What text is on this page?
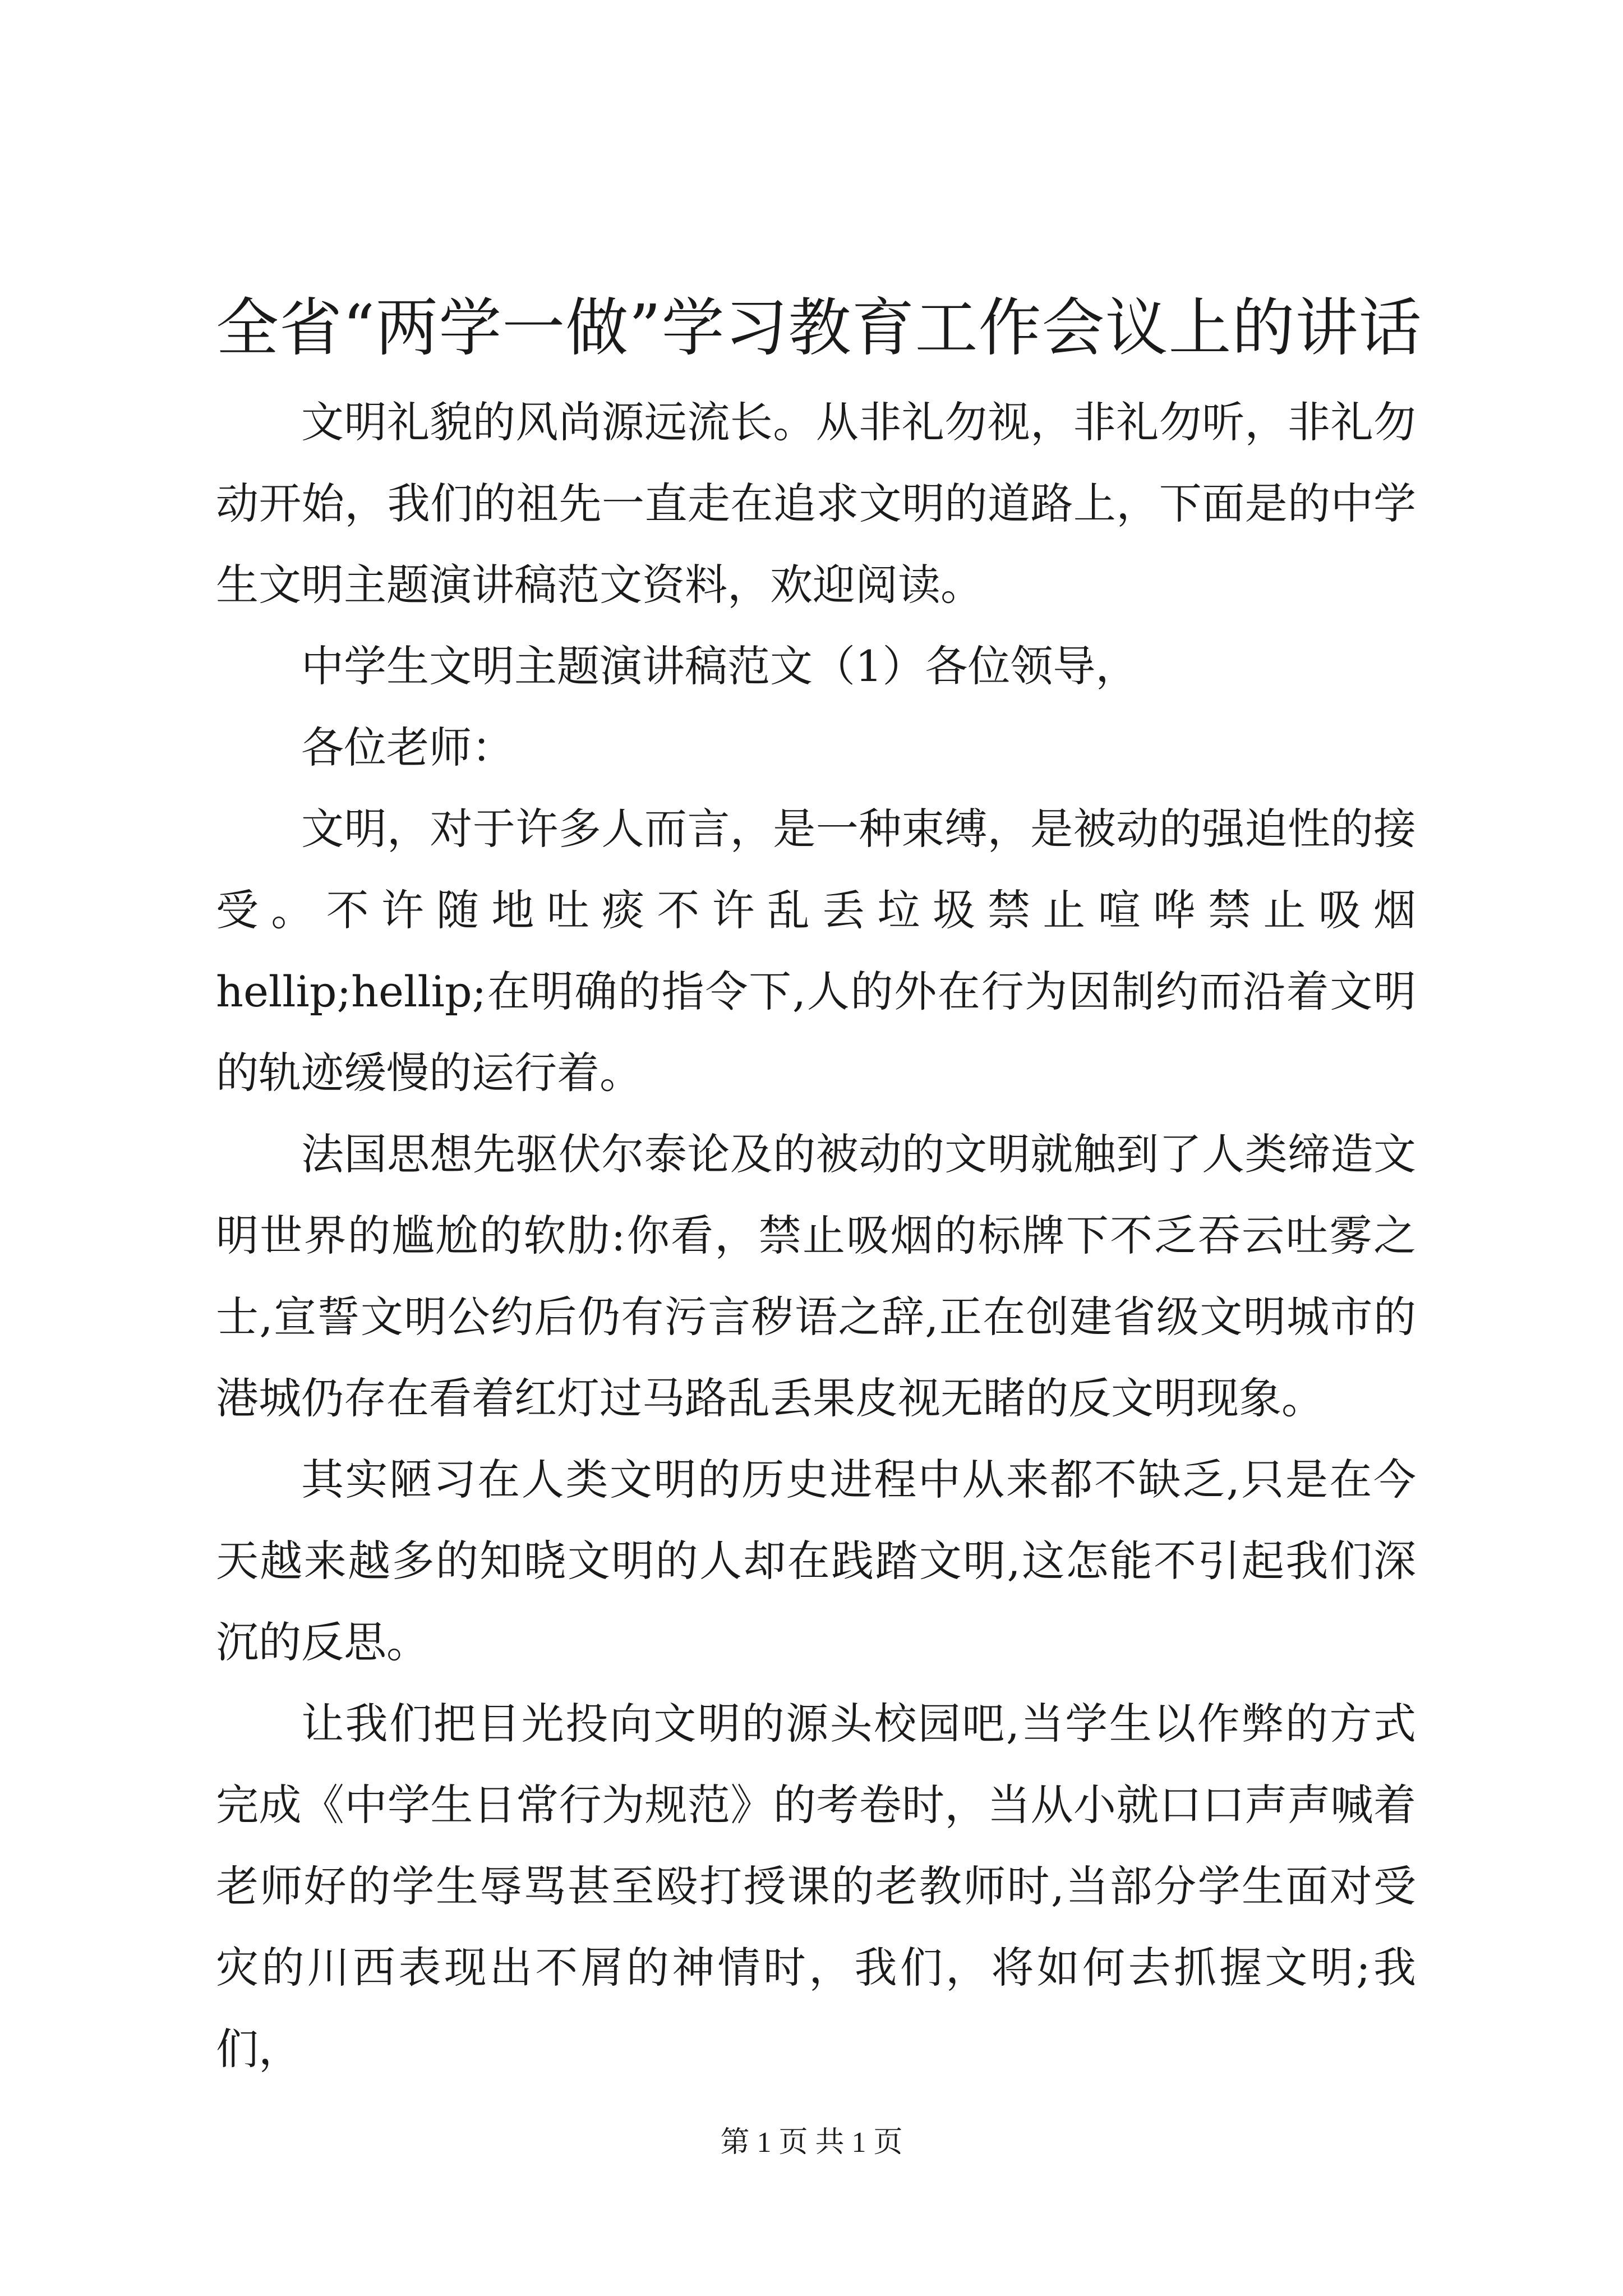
全省“两学一做”学习教育工作会议上的讲话

文明礼貌的风尚源远流长。从非礼勿视，非礼勿听，非礼勿动开始，我们的祖先一直走在追求文明的道路上，下面是的中学生文明主题演讲稿范文资料，欢迎阅读。

中学生文明主题演讲稿范文（1）各位领导，

各位老师：

文明，对于许多人而言，是一种束缚，是被动的强迫性的接受。不许随地吐痰不许乱丢垃圾禁止喧哗禁止吸烟hellip;hellip;在明确的指令下,人的外在行为因制约而沿着文明的轨迹缓慢的运行着。

法国思想先驱伏尔泰论及的被动的文明就触到了人类缔造文明世界的尴尬的软肋:你看，禁止吸烟的标牌下不乏吞云吐雾之士,宣誓文明公约后仍有污言秽语之辞,正在创建省级文明城市的港城仍存在看着红灯过马路乱丢果皮视无睹的反文明现象。

其实陋习在人类文明的历史进程中从来都不缺乏,只是在今天越来越多的知晓文明的人却在践踏文明,这怎能不引起我们深沉的反思。

让我们把目光投向文明的源头校园吧,当学生以作弊的方式完成《中学生日常行为规范》的考卷时，当从小就口口声声喊着老师好的学生辱骂甚至殴打授课的老教师时,当部分学生面对受灾的川西表现出不屑的神情时，我们，将如何去抓握文明;我们，

第 1 页 共 1 页
